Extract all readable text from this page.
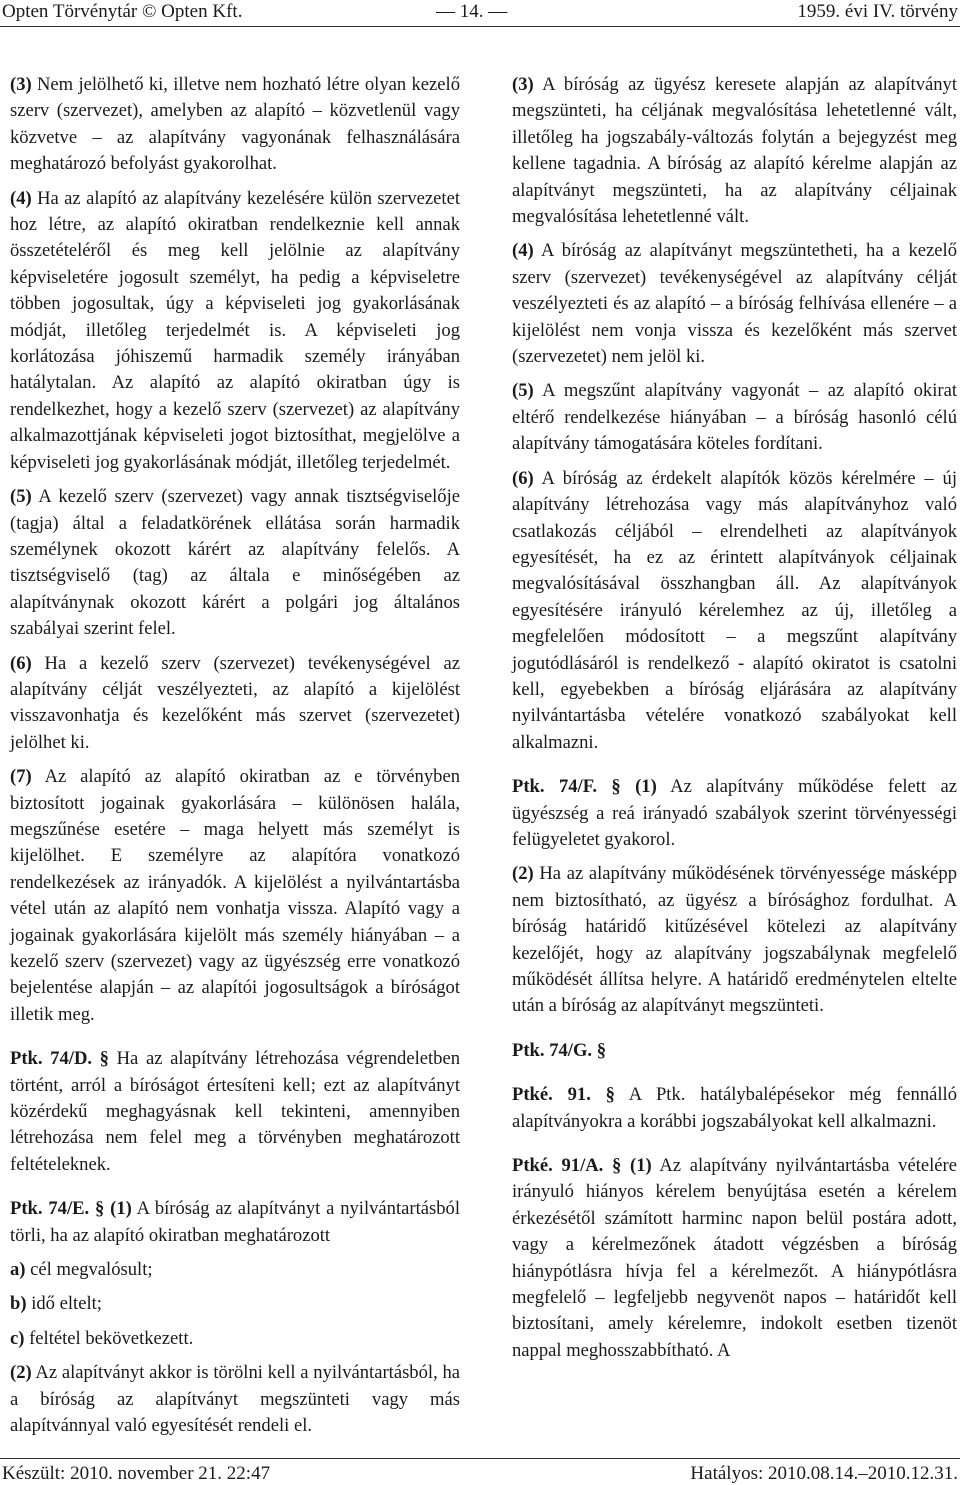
Opten Törvénytár © Opten Kft.	— 14. —	1959. évi IV. törvény

(3) Nem jelölhető ki, illetve nem hozható létre olyan kezelő szerv (szervezet), amelyben az alapító – közvetlenül vagy közvetve – az alapítvány vagyonának felhasználására meghatározó befolyást gyakorolhat.

(4) Ha az alapító az alapítvány kezelésére külön szervezetet hoz létre, az alapító okiratban rendelkeznie kell annak összetételéről és meg kell jelölnie az alapítvány képviseletére jogosult személyt, ha pedig a képviseletre többen jogosultak, úgy a képviseleti jog gyakorlásának módját, illetőleg terjedelmét is. A képviseleti jog korlátozása jóhiszemű harmadik személy irányában hatálytalan. Az alapító az alapító okiratban úgy is rendelkezhet, hogy a kezelő szerv (szervezet) az alapítvány alkalmazottjának képviseleti jogot biztosíthat, megjelölve a képviseleti jog gyakorlásának módját, illetőleg terjedelmét.

(5) A kezelő szerv (szervezet) vagy annak tisztségviselője (tagja) által a feladatkörének ellátása során harmadik személynek okozott kárért az alapítvány felelős. A tisztségviselő (tag) az általa e minőségében az alapítványnak okozott kárért a polgári jog általános szabályai szerint felel.

(6) Ha a kezelő szerv (szervezet) tevékenységével az alapítvány célját veszélyezteti, az alapító a kijelölést visszavonhatja és kezelőként más szervet (szervezetet) jelölhet ki.

(7) Az alapító az alapító okiratban az e törvényben biztosított jogainak gyakorlására – különösen halála, megszűnése esetére – maga helyett más személyt is kijelölhet. E személyre az alapítóra vonatkozó rendelkezések az irányadók. A kijelölést a nyilvántartásba vétel után az alapító nem vonhatja vissza. Alapító vagy a jogainak gyakorlására kijelölt más személy hiányában – a kezelő szerv (szervezet) vagy az ügyészség erre vonatkozó bejelentése alapján – az alapítói jogosultságok a bíróságot illetik meg.

Ptk. 74/D. § Ha az alapítvány létrehozása végrendeletben történt, arról a bíróságot értesíteni kell; ezt az alapítványt közérdekű meghagyásnak kell tekinteni, amennyiben létrehozása nem felel meg a törvényben meghatározott feltételeknek.

Ptk. 74/E. § (1) A bíróság az alapítványt a nyilvántartásból törli, ha az alapító okiratban meghatározott

a) cél megvalósult;

b) idő eltelt;

c) feltétel bekövetkezett.

(2) Az alapítványt akkor is törölni kell a nyilvántartásból, ha a bíróság az alapítványt megszünteti vagy más alapítvánnyal való egyesítését rendeli el.

(3) A bíróság az ügyész keresete alapján az alapítványt megszünteti, ha céljának megvalósítása lehetetlenné vált, illetőleg ha jogszabály-változás folytán a bejegyzést meg kellene tagadnia. A bíróság az alapító kérelme alapján az alapítványt megszünteti, ha az alapítvány céljainak megvalósítása lehetetlenné vált.

(4) A bíróság az alapítványt megszüntetheti, ha a kezelő szerv (szervezet) tevékenységével az alapítvány célját veszélyezteti és az alapító – a bíróság felhívása ellenére – a kijelölést nem vonja vissza és kezelőként más szervet (szervezetet) nem jelöl ki.

(5) A megszűnt alapítvány vagyonát – az alapító okirat eltérő rendelkezése hiányában – a bíróság hasonló célú alapítvány támogatására köteles fordítani.

(6) A bíróság az érdekelt alapítók közös kérelmére – új alapítvány létrehozása vagy más alapítványhoz való csatlakozás céljából – elrendelheti az alapítványok egyesítését, ha ez az érintett alapítványok céljainak megvalósításával összhangban áll. Az alapítványok egyesítésére irányuló kérelemhez az új, illetőleg a megfelelően módosított – a megszűnt alapítvány jogutódlásáról is rendelkező - alapító okiratot is csatolni kell, egyebekben a bíróság eljárására az alapítvány nyilvántartásba vételére vonatkozó szabályokat kell alkalmazni.

Ptk. 74/F. § (1) Az alapítvány működése felett az ügyészség a reá irányadó szabályok szerint törvényességi felügyeletet gyakorol.

(2) Ha az alapítvány működésének törvényessége másképp nem biztosítható, az ügyész a bírósághoz fordulhat. A bíróság határidő kitűzésével kötelezi az alapítvány kezelőjét, hogy az alapítvány jogszabálynak megfelelő működését állítsa helyre. A határidő eredménytelen eltelte után a bíróság az alapítványt megszünteti.

Ptk. 74/G. §

Ptké. 91. § A Ptk. hatálybalépésekor még fennálló alapítványokra a korábbi jogszabályokat kell alkalmazni.

Ptké. 91/A. § (1) Az alapítvány nyilvántartásba vételére irányuló hiányos kérelem benyújtása esetén a kérelem érkezésétől számított harminc napon belül postára adott, vagy a kérelmezőnek átadott végzésben a bíróság hiánypótlásra hívja fel a kérelmezőt. A hiánypótlásra megfelelő – legfeljebb negyvenöt napos – határidőt kell biztosítani, amely kérelemre, indokolt esetben tizenöt nappal meghosszabbítható. A

Készült: 2010. november 21. 22:47	Hatályos: 2010.08.14.–2010.12.31.
